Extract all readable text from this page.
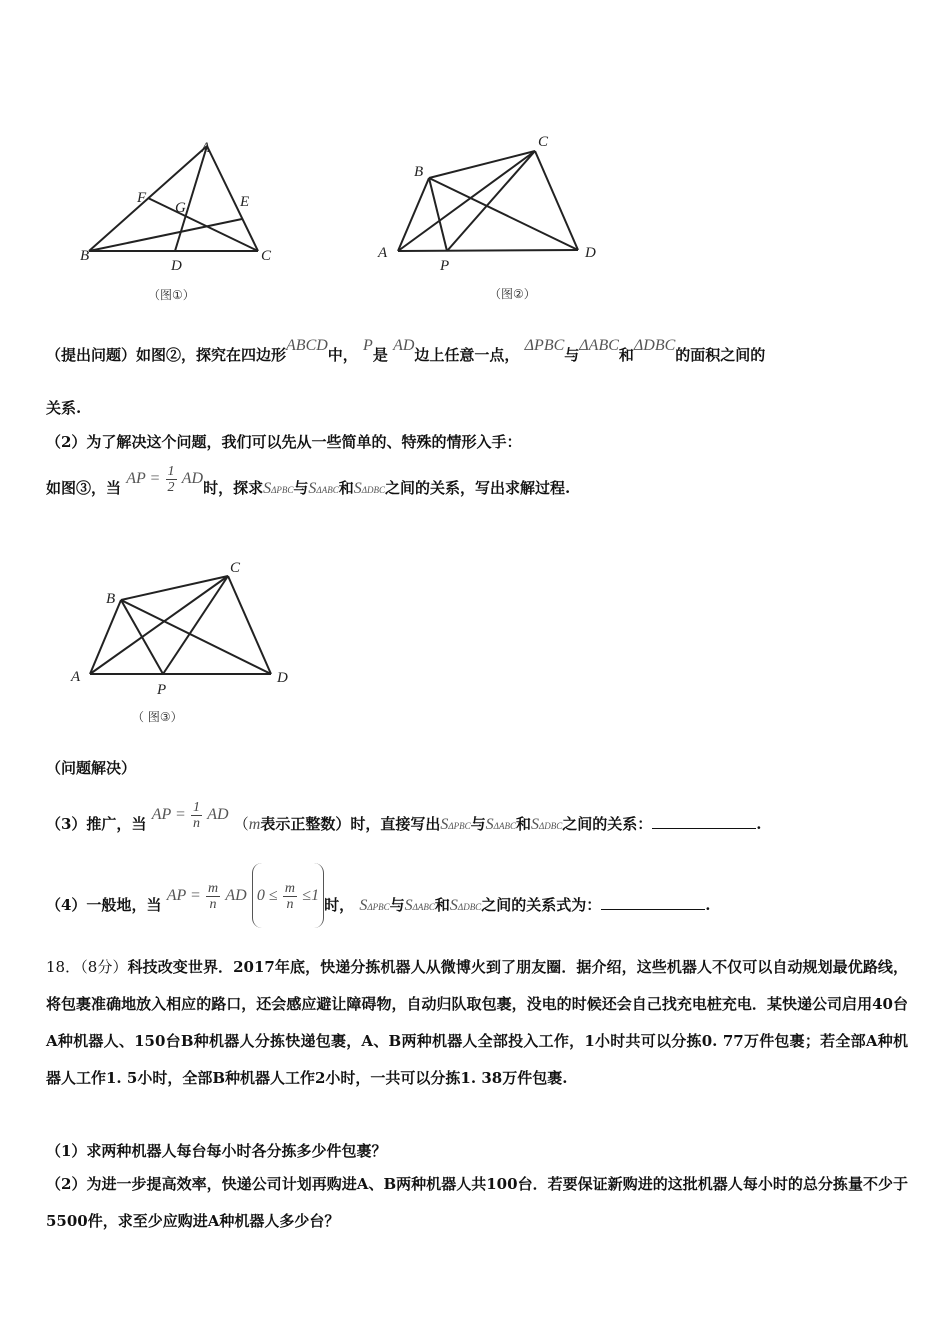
A
B	C
D
E
F
G
（图①）
A
B
C
D
P
（图②）
（提出问题）如图②，探究在四边形ABCD中， P是 AD边上任意一点， ΔPBC与ΔABC和ΔDBC的面积之间的
关系.
（2）为了解决这个问题，我们可以先从一些简单的、特殊的情形入手：
如图③，当 AP = $\frac{1}{2}$ AD时，探求SΔPBC与SΔABC和SΔDBC之间的关系，写出求解过程.
A
B
C
D
P
（ 图③）
（问题解决）
（3）推广，当 AP = $\frac{1}{n}$ AD （m表示正整数）时，直接写出SΔPBC与SΔABC和SΔDBC之间的关系：	.
（4）一般地，当 AP = $\frac{m}{n}$ AD $0 \le \frac{m}{n} \le 1$时， SΔPBC与SΔABC和SΔDBC之间的关系式为：	.
18．（8分）科技改变世界．2017年底，快递分拣机器人从微博火到了朋友圈．据介绍，这些机器人不仅可以自动规划最优路线，将包裹准确地放入相应的路口，还会感应避让障碍物，自动归队取包裹，没电的时候还会自己找充电桩充电．某快递公司启用40台A种机器人、150台B种机器人分拣快递包裹，A、B两种机器人全部投入工作，1小时共可以分拣0. 77万件包裹；若全部A种机器人工作1. 5小时，全部B种机器人工作2小时，一共可以分拣1. 38万件包裹.
（1）求两种机器人每台每小时各分拣多少件包裹？
（2）为进一步提高效率，快递公司计划再购进A、B两种机器人共100台．若要保证新购进的这批机器人每小时的总分拣量不少于5500件，求至少应购进A种机器人多少台？
